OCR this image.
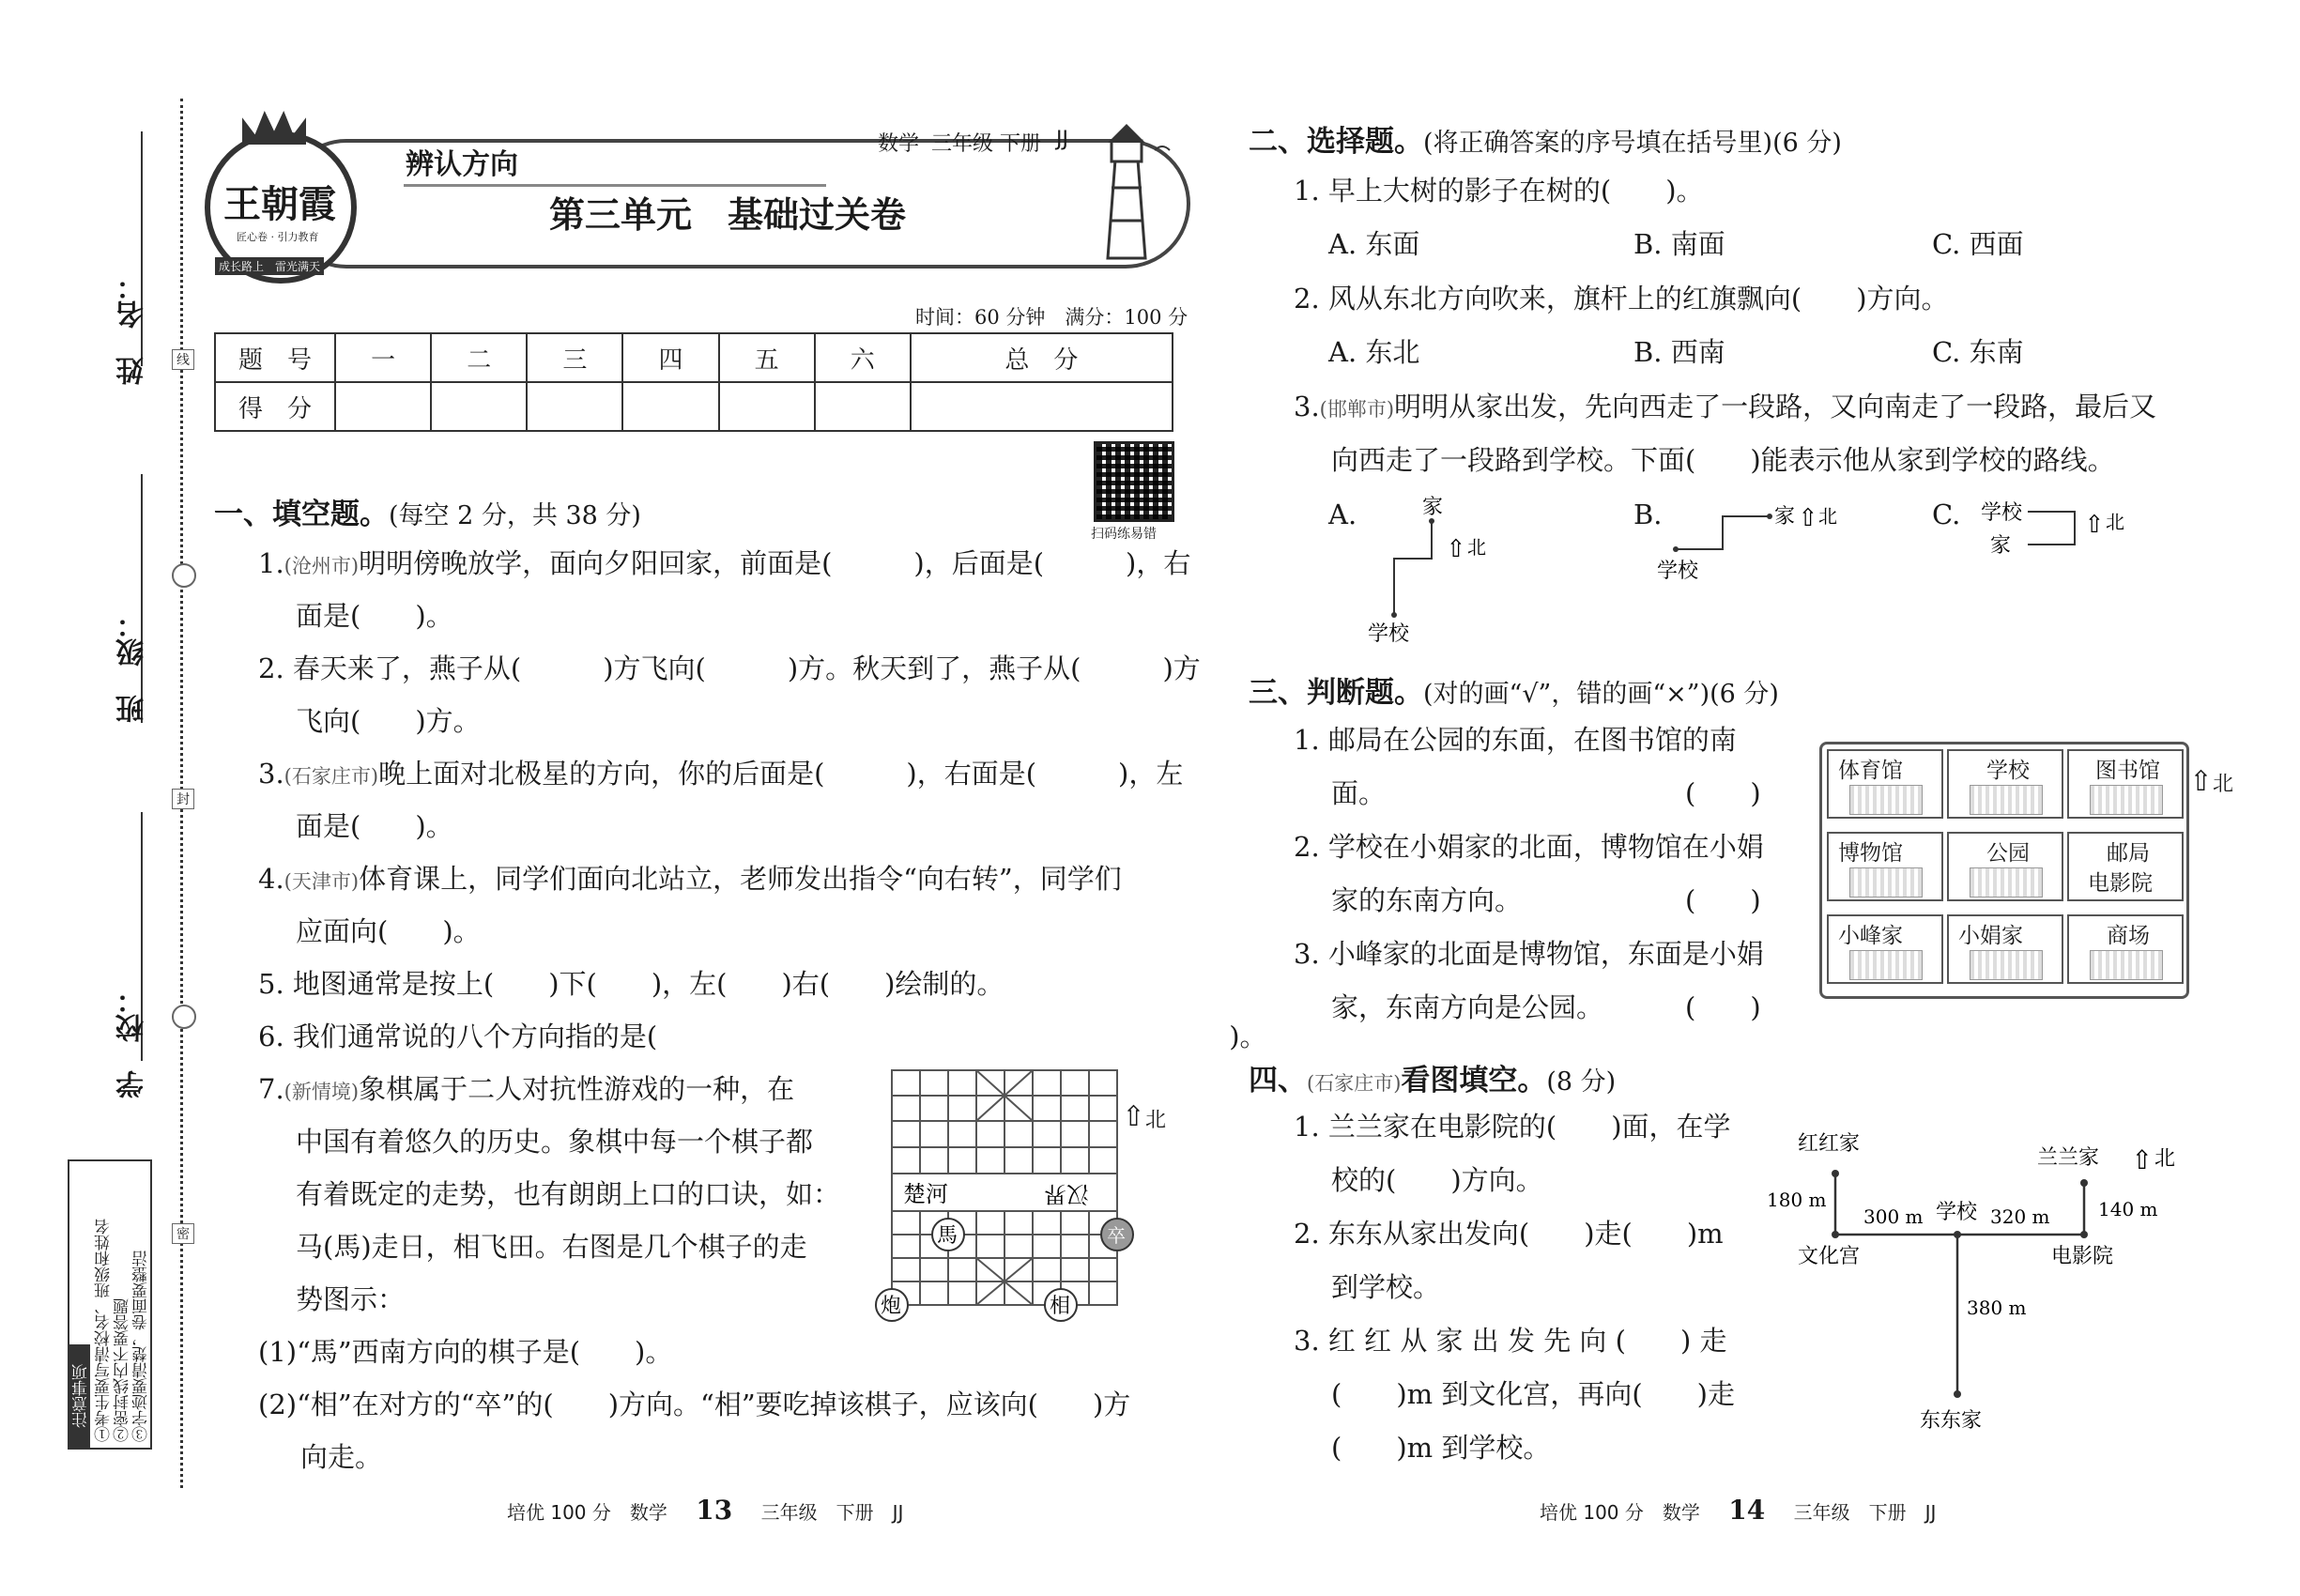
姓　名：
班　级：
学　校：
线
封
密
注意事项 ①考生要写清校名、班级和姓名 ②密封线内不要答题 ③字迹要清楚，卷面要整洁
王朝霞
匠心卷 · 引力教育
成长路上　雷光满天
辨认方向
数学 三年级 下册 JJ
第三单元　基础过关卷
时间：60 分钟　满分：100 分
题　号	一	二	三	四	五	六	总　分
得　分							
扫码练易错
一、填空题。(每空 2 分，共 38 分)
1.(沧州市)明明傍晚放学，面向夕阳回家，前面是(　　　)，后面是(　　　)，右
面是(　　)。
2. 春天来了，燕子从(　　　)方飞向(　　　)方。秋天到了，燕子从(　　　)方
飞向(　　)方。
3.(石家庄市)晚上面对北极星的方向，你的后面是(　　　)，右面是(　　　)，左
面是(　　)。
4.(天津市)体育课上，同学们面向北站立，老师发出指令“向右转”，同学们
应面向(　　)。
5. 地图通常是按上(　　)下(　　)，左(　　)右(　　)绘制的。
6. 我们通常说的八个方向指的是(　　　　　　　　　　　　　　　　　　　　　)。
7.(新情境)象棋属于二人对抗性游戏的一种，在
中国有着悠久的历史。象棋中每一个棋子都
有着既定的走势，也有朗朗上口的口诀，如：
马(馬)走日，相飞田。右图是几个棋子的走
势图示：
(1)“馬”西南方向的棋子是(　　)。
(2)“相”在对方的“卒”的(　　)方向。“相”要吃掉该棋子，应该向(　　)方
向走。
楚河	汉界
馬	卒
炮	相
⇧ 北
二、选择题。(将正确答案的序号填在括号里)(6 分)
1. 早上大树的影子在树的(　　)。
A. 东面	B. 南面	C. 西面
2. 风从东北方向吹来，旗杆上的红旗飘向(　　)方向。
A. 东北	B. 西南	C. 东南
3.(邯郸市)明明从家出发，先向西走了一段路，又向南走了一段路，最后又
向西走了一段路到学校。下面(　　)能表示他从家到学校的路线。
A.	B.	C.
家
学校
⇧ 北
家
学校
⇧ 北	学校
家
⇧ 北
三、判断题。(对的画“√”，错的画“×”)(6 分)
1. 邮局在公园的东面，在图书馆的南
面。	(　　)
2. 学校在小娟家的北面，博物馆在小娟
家的东南方向。	(　　)
3. 小峰家的北面是博物馆，东面是小娟
家，东南方向是公园。	(　　)
体育馆	学校	图书馆
博物馆	公园	邮局
电影院
小峰家	小娟家	商场
⇧ 北
四、(石家庄市)看图填空。(8 分)
1. 兰兰家在电影院的(　　)面，在学
校的(　　)方向。
2. 东东从家出发向(　　)走(　　)m
到学校。
3. 红 红 从 家 出 发 先 向 (　　) 走
(　　)m 到文化宫，再向(　　)走
(　　)m 到学校。
红红家
兰兰家 ⇧ 北
180 m
300 m 学校 320 m	140 m
文化宫	电影院
380 m
东东家
培优 100 分　数学 13 三年级　下册　JJ	培优 100 分　数学 14 三年级　下册　JJ
